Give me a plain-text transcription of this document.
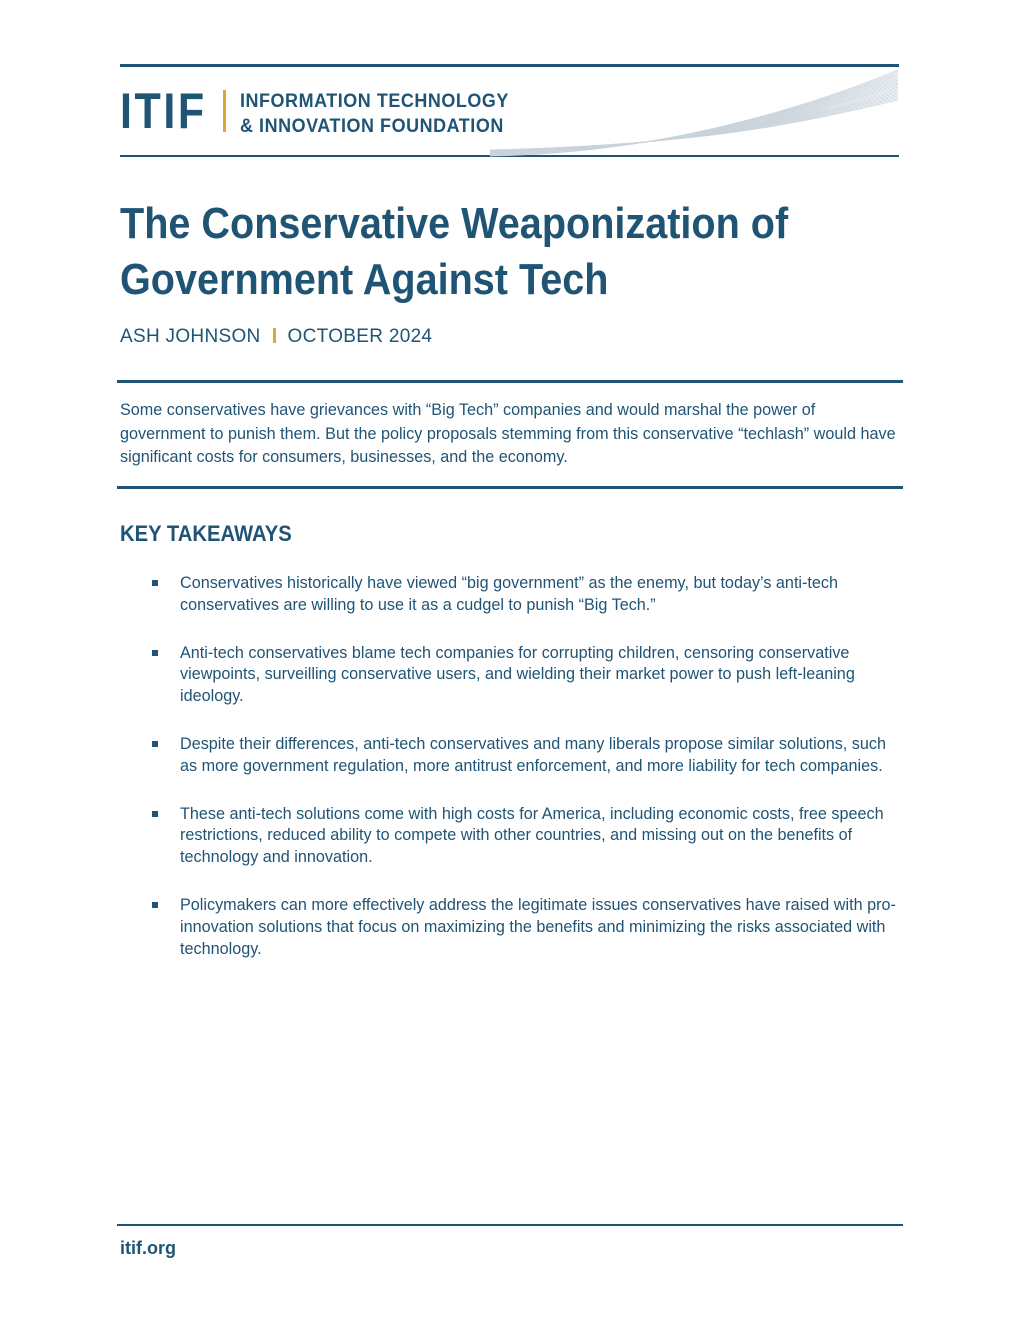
ITIF INFORMATION TECHNOLOGY
& INNOVATION FOUNDATION
The Conservative Weaponization of
Government Against Tech
ASH JOHNSON OCTOBER 2024

Some conservatives have grievances with “Big Tech” companies and would marshal the power of government to punish them. But the policy proposals stemming from this conservative “techlash” would have significant costs for consumers, businesses, and the economy.

KEY TAKEAWAYS
Conservatives historically have viewed “big government” as the enemy, but today’s anti-tech conservatives are willing to use it as a cudgel to punish “Big Tech.”
Anti-tech conservatives blame tech companies for corrupting children, censoring conservative viewpoints, surveilling conservative users, and wielding their market power to push left-leaning ideology.
Despite their differences, anti-tech conservatives and many liberals propose similar solutions, such as more government regulation, more antitrust enforcement, and more liability for tech companies.
These anti-tech solutions come with high costs for America, including economic costs, free speech restrictions, reduced ability to compete with other countries, and missing out on the benefits of technology and innovation.
Policymakers can more effectively address the legitimate issues conservatives have raised with pro-innovation solutions that focus on maximizing the benefits and minimizing the risks associated with technology.
itif.org
